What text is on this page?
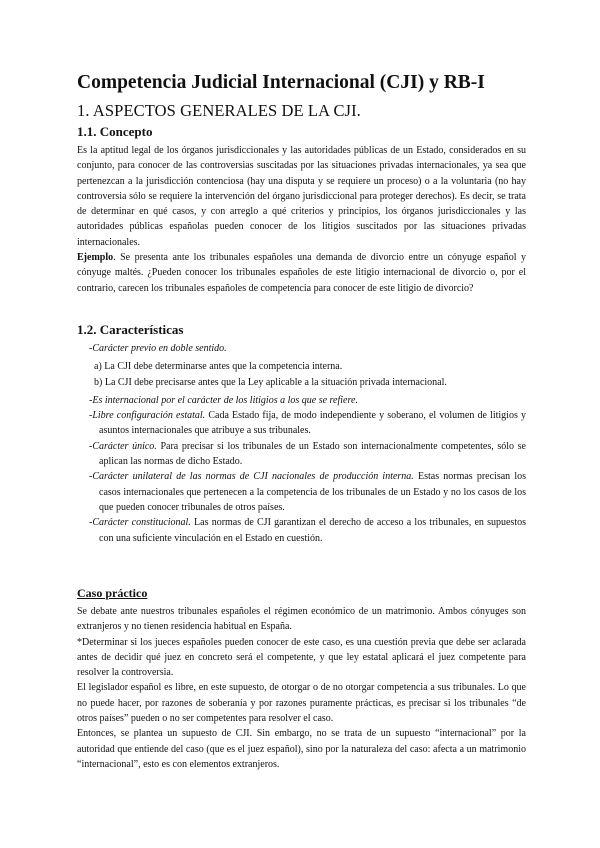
Competencia Judicial Internacional (CJI) y RB-I
1. ASPECTOS GENERALES DE LA CJI.
1.1. Concepto

Es la aptitud legal de los órganos jurisdiccionales y las autoridades públicas de un Estado, considerados en su conjunto, para conocer de las controversias suscitadas por las situaciones privadas internacionales, ya sea que pertenezcan a la jurisdicción contenciosa (hay una disputa y se requiere un proceso) o a la voluntaria (no hay controversia sólo se requiere la intervención del órgano jurisdiccional para proteger derechos). Es decir, se trata de determinar en qué casos, y con arreglo a qué criterios y principios, los órganos jurisdiccionales y las autoridades públicas españolas pueden conocer de los litigios suscitados por las situaciones privadas internacionales.

Ejemplo. Se presenta ante los tribunales españoles una demanda de divorcio entre un cónyuge español y cónyuge maltés. ¿Pueden conocer los tribunales españoles de este litigio internacional de divorcio o, por el contrario, carecen los tribunales españoles de competencia para conocer de este litigio de divorcio?

1.2. Características

-Carácter previo en doble sentido.

a) La CJI debe determinarse antes que la competencia interna.

b) La CJI debe precisarse antes que la Ley aplicable a la situación privada internacional.

-Es internacional por el carácter de los litigios a los que se refiere.

-Libre configuración estatal. Cada Estado fija, de modo independiente y soberano, el volumen de litigios y asuntos internacionales que atribuye a sus tribunales.

-Carácter único. Para precisar si los tribunales de un Estado son internacionalmente competentes, sólo se aplican las normas de dicho Estado.

-Carácter unilateral de las normas de CJI nacionales de producción interna. Estas normas precisan los casos internacionales que pertenecen a la competencia de los tribunales de un Estado y no los casos de los que pueden conocer tribunales de otros países.

-Carácter constitucional. Las normas de CJI garantizan el derecho de acceso a los tribunales, en supuestos con una suficiente vinculación en el Estado en cuestión.

Caso práctico

Se debate ante nuestros tribunales españoles el régimen económico de un matrimonio. Ambos cónyuges son extranjeros y no tienen residencia habitual en España.

*Determinar si los jueces españoles pueden conocer de este caso, es una cuestión previa que debe ser aclarada antes de decidir qué juez en concreto será el competente, y que ley estatal aplicará el juez competente para resolver la controversia.

El legislador español es libre, en este supuesto, de otorgar o de no otorgar competencia a sus tribunales. Lo que no puede hacer, por razones de soberanía y por razones puramente prácticas, es precisar si los tribunales “de otros países” pueden o no ser competentes para resolver el caso.

Entonces, se plantea un supuesto de CJI. Sin embargo, no se trata de un supuesto “internacional” por la autoridad que entiende del caso (que es el juez español), sino por la naturaleza del caso: afecta a un matrimonio “internacional”, esto es con elementos extranjeros.
